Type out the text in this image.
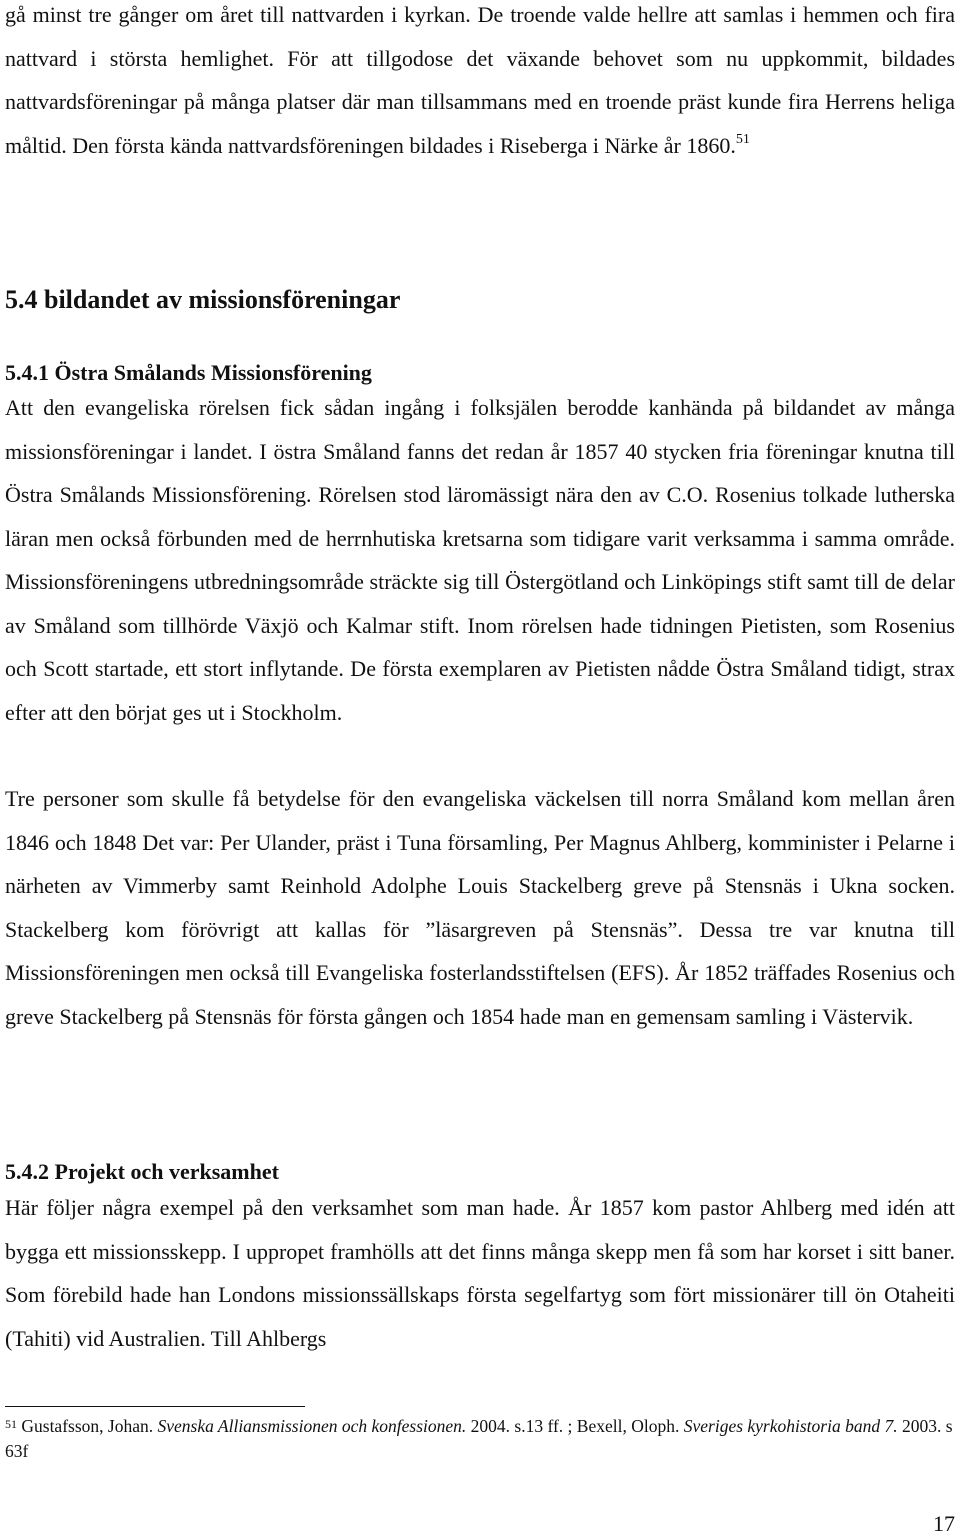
gå minst tre gånger om året till nattvarden i kyrkan. De troende valde hellre att samlas i hemmen och fira nattvard i största hemlighet. För att tillgodose det växande behovet som nu uppkommit, bildades nattvardsföreningar på många platser där man tillsammans med en troende präst kunde fira Herrens heliga måltid. Den första kända nattvardsföreningen bildades i Riseberga i Närke år 1860.51

5.4 bildandet av missionsföreningar
5.4.1 Östra Smålands Missionsförening

Att den evangeliska rörelsen fick sådan ingång i folksjälen berodde kanhända på bildandet av många missionsföreningar i landet. I östra Småland fanns det redan år 1857 40 stycken fria föreningar knutna till Östra Smålands Missionsförening. Rörelsen stod läromässigt nära den av C.O. Rosenius tolkade lutherska läran men också förbunden med de herrnhutiska kretsarna som tidigare varit verksamma i samma område. Missionsföreningens utbredningsområde sträckte sig till Östergötland och Linköpings stift samt till de delar av Småland som tillhörde Växjö och Kalmar stift. Inom rörelsen hade tidningen Pietisten, som Rosenius och Scott startade, ett stort inflytande. De första exemplaren av Pietisten nådde Östra Småland tidigt, strax efter att den börjat ges ut i Stockholm.

Tre personer som skulle få betydelse för den evangeliska väckelsen till norra Småland kom mellan åren 1846 och 1848 Det var: Per Ulander, präst i Tuna församling, Per Magnus Ahlberg, komminister i Pelarne i närheten av Vimmerby samt Reinhold Adolphe Louis Stackelberg greve på Stensnäs i Ukna socken. Stackelberg kom förövrigt att kallas för ”läsargreven på Stensnäs”. Dessa tre var knutna till Missionsföreningen men också till Evangeliska fosterlandsstiftelsen (EFS). År 1852 träffades Rosenius och greve Stackelberg på Stensnäs för första gången och 1854 hade man en gemensam samling i Västervik.

5.4.2 Projekt och verksamhet

Här följer några exempel på den verksamhet som man hade. År 1857 kom pastor Ahlberg med idén att bygga ett missionsskepp. I uppropet framhölls att det finns många skepp men få som har korset i sitt baner. Som förebild hade han Londons missionssällskaps första segelfartyg som fört missionärer till ön Otaheiti (Tahiti) vid Australien. Till Ahlbergs

$^{51}$ Gustafsson, Johan. Svenska Alliansmissionen och konfessionen. 2004. s.13 ff. ; Bexell, Oloph. Sveriges kyrkohistoria band 7. 2003. s 63f

17
